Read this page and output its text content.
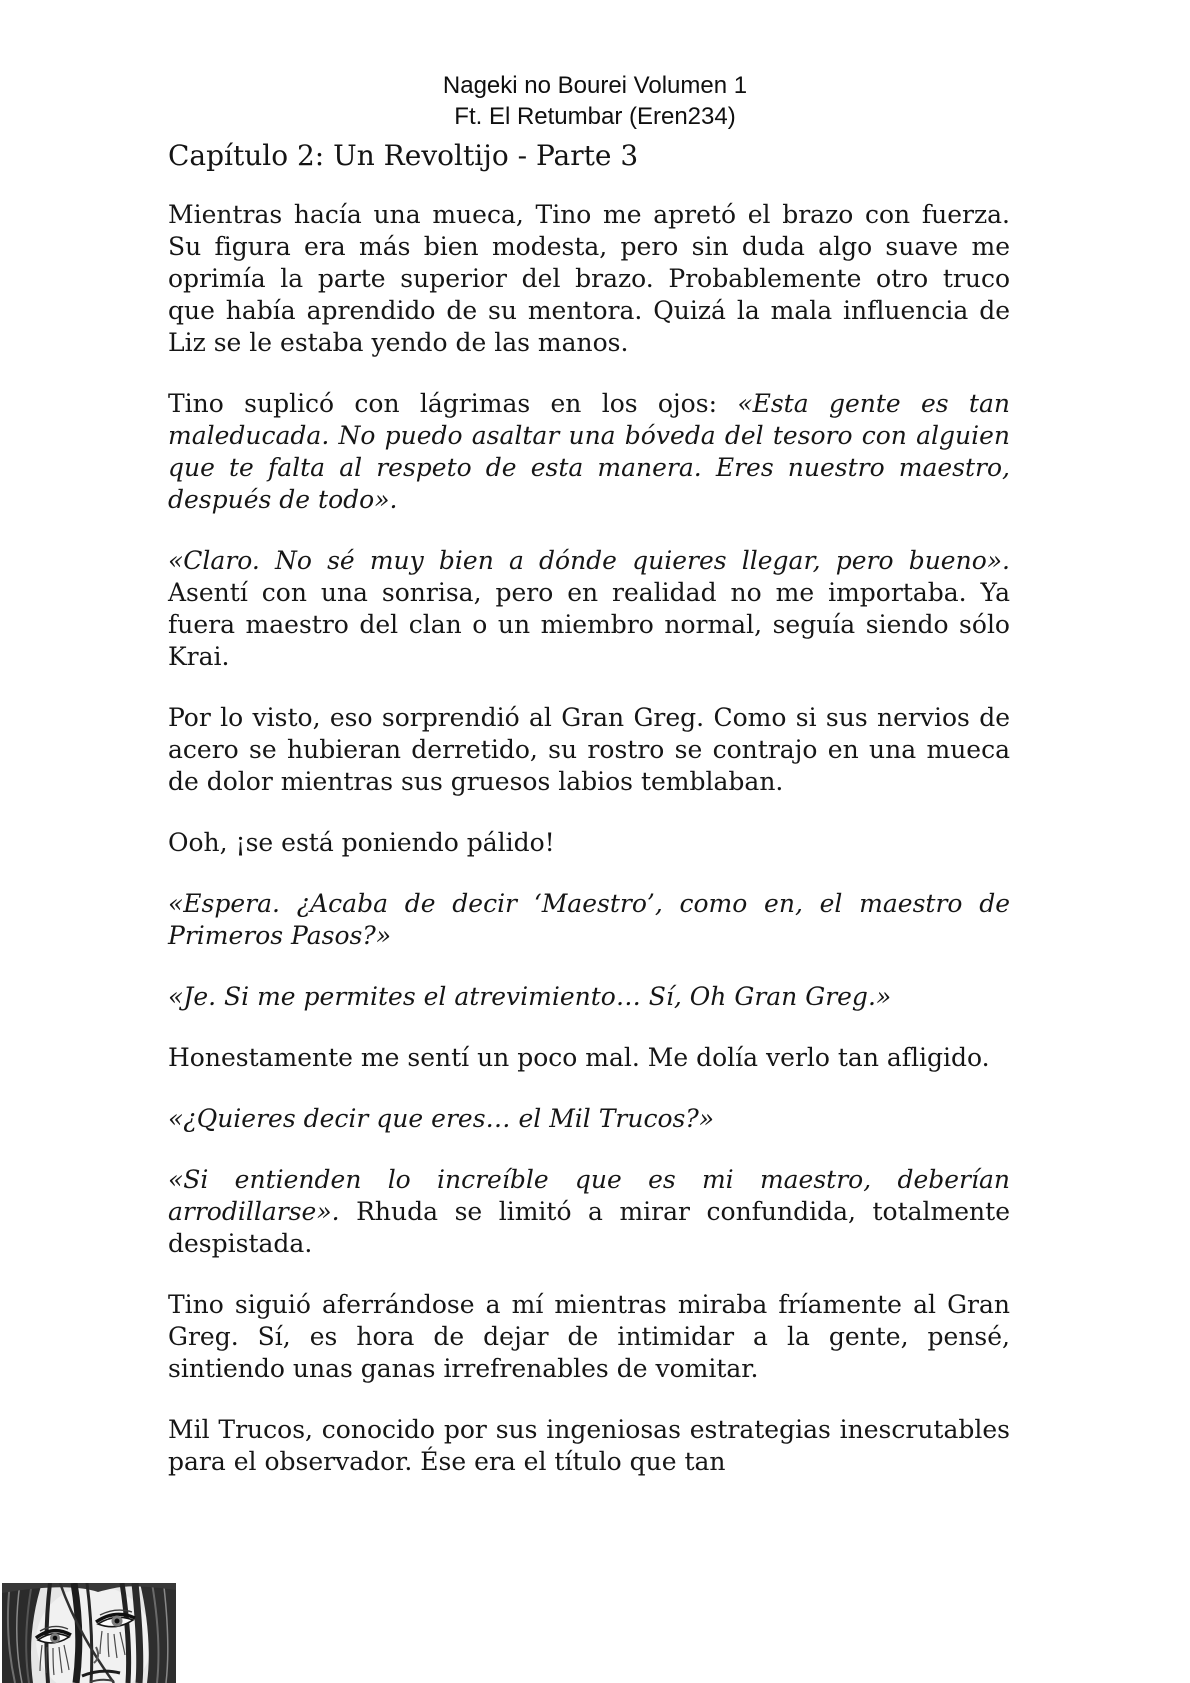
Nageki no Bourei Volumen 1
Ft. El Retumbar (Eren234)
Capítulo 2: Un Revoltijo - Parte 3

Mientras hacía una mueca, Tino me apretó el brazo con fuerza. Su figura era más bien modesta, pero sin duda algo suave me oprimía la parte superior del brazo. Probablemente otro truco que había aprendido de su mentora. Quizá la mala influencia de Liz se le estaba yendo de las manos.

Tino suplicó con lágrimas en los ojos: «Esta gente es tan maleducada. No puedo asaltar una bóveda del tesoro con alguien que te falta al respeto de esta manera. Eres nuestro maestro, después de todo».

«Claro. No sé muy bien a dónde quieres llegar, pero bueno». Asentí con una sonrisa, pero en realidad no me importaba. Ya fuera maestro del clan o un miembro normal, seguía siendo sólo Krai.

Por lo visto, eso sorprendió al Gran Greg. Como si sus nervios de acero se hubieran derretido, su rostro se contrajo en una mueca de dolor mientras sus gruesos labios temblaban.

Ooh, ¡se está poniendo pálido!

«Espera. ¿Acaba de decir ‘Maestro’, como en, el maestro de Primeros Pasos?»

«Je. Si me permites el atrevimiento… Sí, Oh Gran Greg.»

Honestamente me sentí un poco mal. Me dolía verlo tan afligido.

«¿Quieres decir que eres… el Mil Trucos?»

«Si entienden lo increíble que es mi maestro, deberían arrodillarse». Rhuda se limitó a mirar confundida, totalmente despistada.

Tino siguió aferrándose a mí mientras miraba fríamente al Gran Greg. Sí, es hora de dejar de intimidar a la gente, pensé, sintiendo unas ganas irrefrenables de vomitar.

Mil Trucos, conocido por sus ingeniosas estrategias inescrutables para el observador. Ése era el título que tan
